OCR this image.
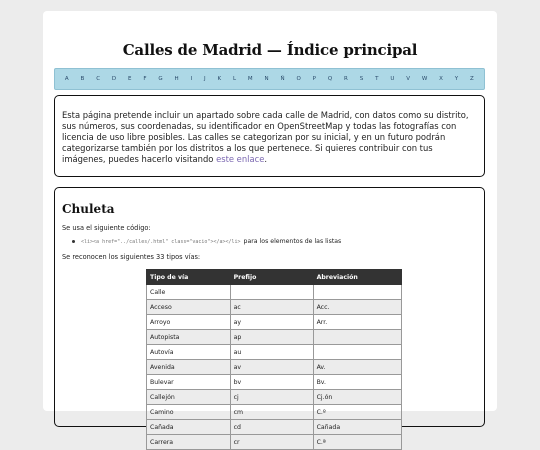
Calles de Madrid — Índice principal
A B C D E F G H I J K L M N Ñ O P Q R S T U V W X Y Z
Esta página pretende incluir un apartado sobre cada calle de Madrid, con datos como su distrito, sus números, sus coordenadas, su identificador en OpenStreetMap y todas las fotografías con licencia de uso libre posibles. Las calles se categorizan por su inicial, y en un futuro podrán categorizarse también por los distritos a los que pertenece. Si quieres contribuir con tus imágenes, puedes hacerlo visitando este enlace.
Chuleta

Se usa el siguiente código:

<li><a href="../calles/.html" class="vacio"></a></li> para los elementos de las listas

Se reconocen los siguientes 33 tipos vías:

Tipo de vía	Prefijo	Abreviación
Calle		
Acceso	ac	Acc.
Arroyo	ay	Arr.
Autopista	ap	
Autovía	au	
Avenida	av	Av.
Bulevar	bv	Bv.
Callejón	cj	Cj.ón
Camino	cm	C.º
Cañada	cd	Cañada
Carrera	cr	C.ª
